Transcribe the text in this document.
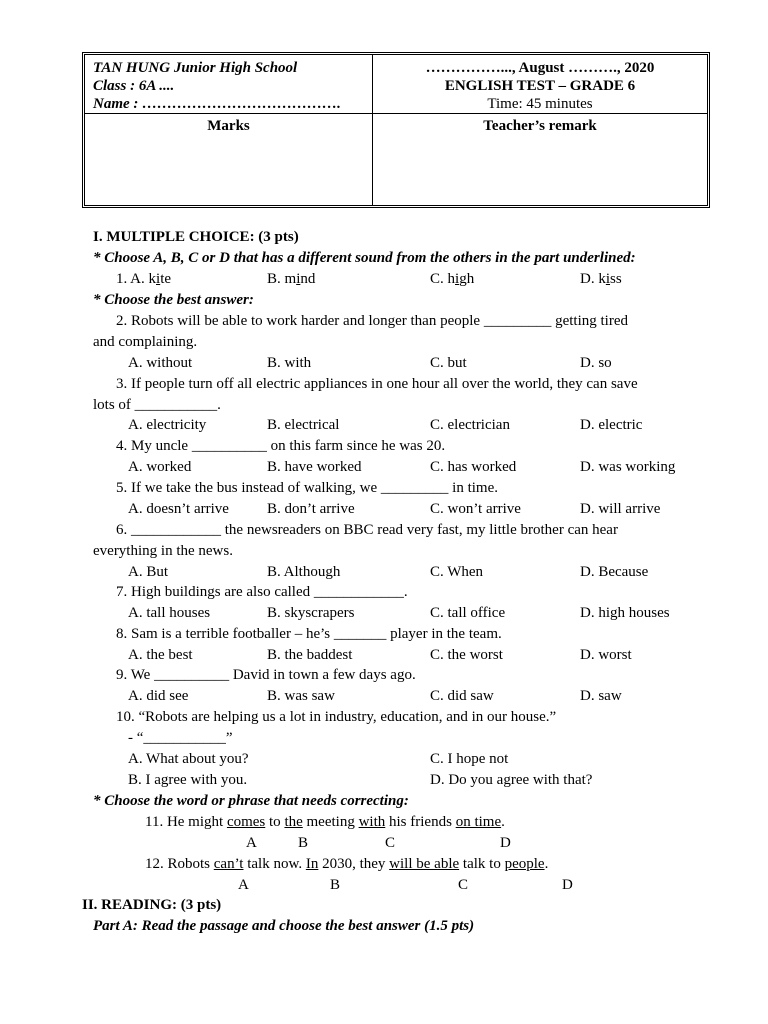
TAN HUNG Junior High School
Class : 6A ....
Name : ………………………………….
……………..., August ………., 2020
ENGLISH TEST – GRADE 6
Time: 45 minutes
Marks	Teacher’s remark
I. MULTIPLE CHOICE: (3 pts)
* Choose A, B, C or D that has a different sound from the others in the part underlined:
1. A. kite	B. mind	C. high	D. kiss
* Choose the best answer:
2. Robots will be able to work harder and longer than people _________ getting tired
and complaining.
A. without	B. with	C. but	D. so
3. If people turn off all electric appliances in one hour all over the world, they can save
lots of ___________.
A. electricity	B. electrical	C. electrician	D. electric
4. My uncle __________ on this farm since he was 20.
A. worked	B. have worked	C. has worked	D. was working
5. If we take the bus instead of walking, we _________ in time.
A. doesn’t arrive	B. don’t arrive	C. won’t arrive	D. will arrive
6. ____________ the newsreaders on BBC read very fast, my little brother can hear
everything in the news.
A. But	B. Although	C. When	D. Because
7. High buildings are also called ____________.
A. tall houses	B. skyscrapers	C. tall office	D. high houses
8. Sam is a terrible footballer – he’s _______ player in the team.
A. the best	B. the baddest	C. the worst	D. worst
9. We __________ David in town a few days ago.
A. did see	B. was saw	C. did saw	D. saw
10. “Robots are helping us a lot in industry, education, and in our house.”
- “___________”
A. What about you?	C. I hope not
B. I agree with you.	D. Do you agree with that?
* Choose the word or phrase that needs correcting:
11. He might comes to the meeting with his friends on time.
A	B	C	D
12. Robots can’t talk now. In 2030, they will be able talk to people.
A	B	C	D
II. READING: (3 pts)
Part A: Read the passage and choose the best answer (1.5 pts)
